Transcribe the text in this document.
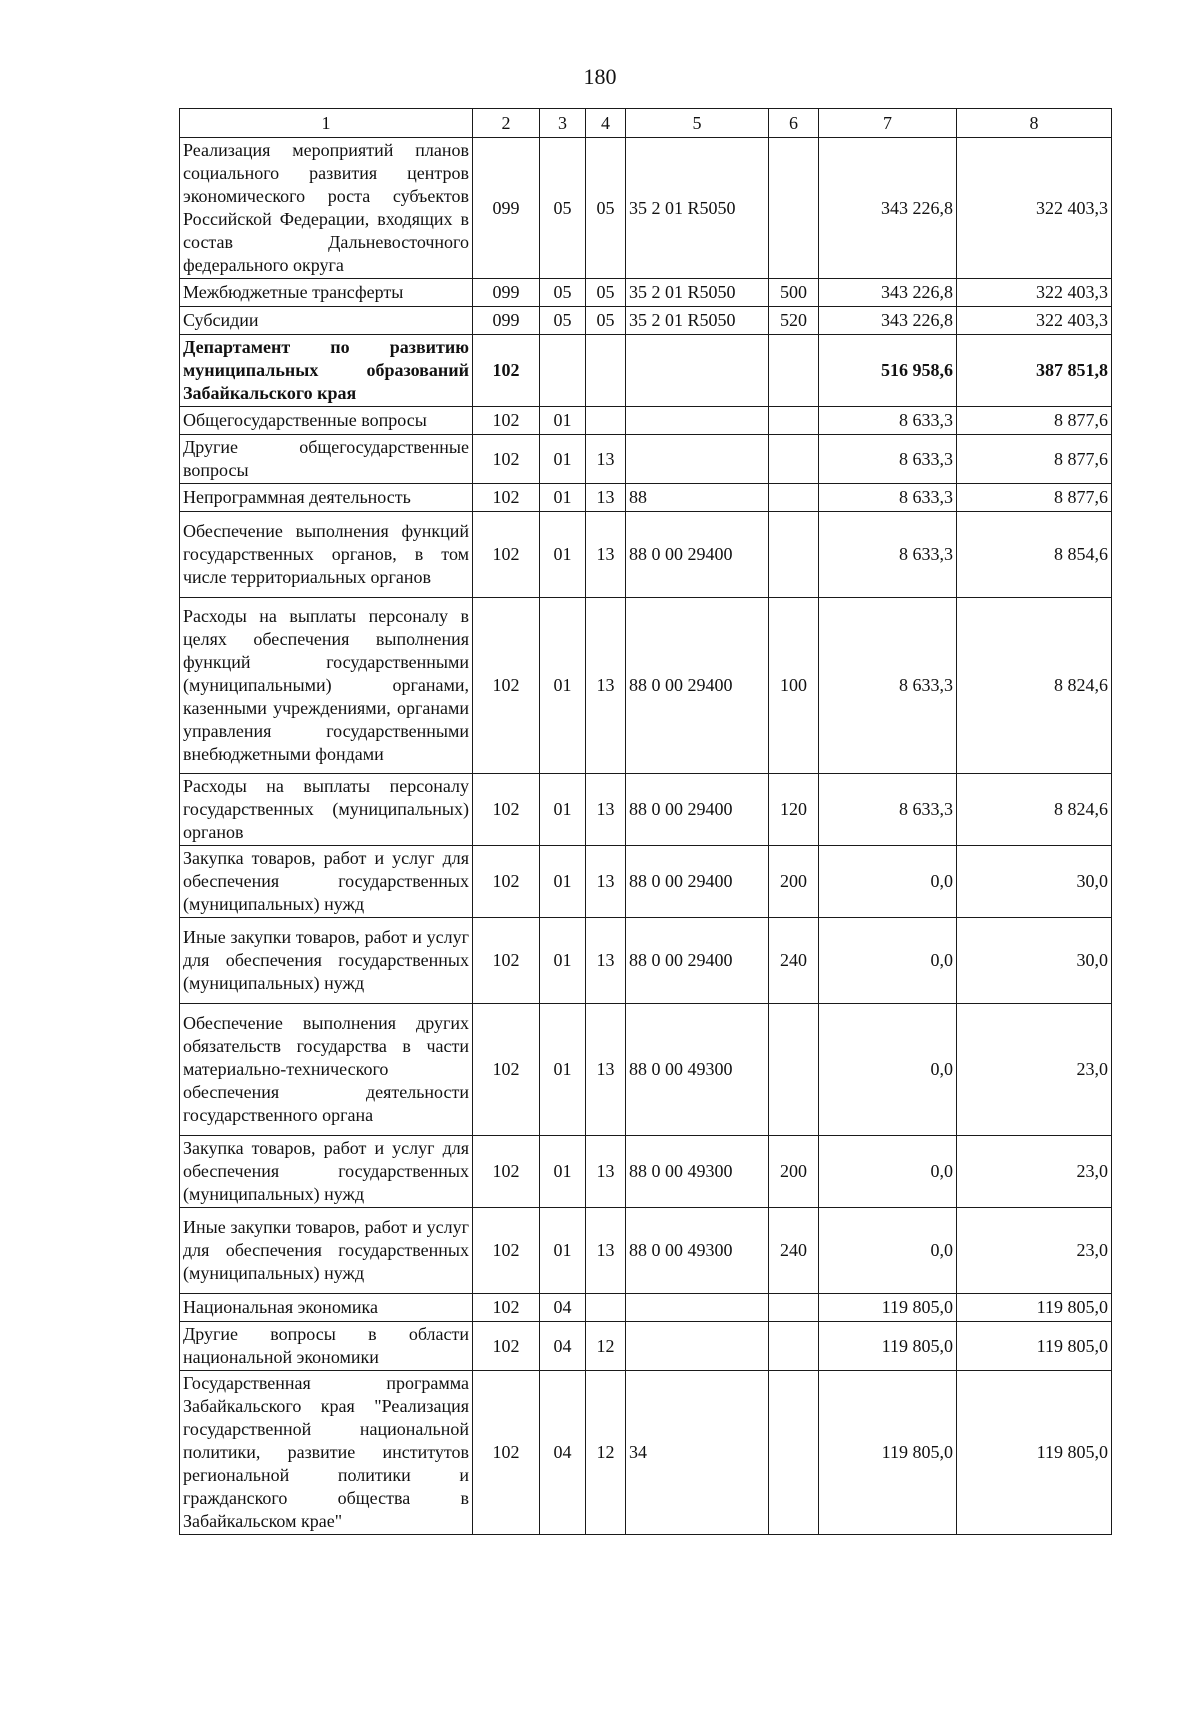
180
1	2	3	4	5	6	7	8
Реализация мероприятий планов социального развития центров экономического роста субъектов Российской Федерации, входящих в состав Дальневосточного федерального округа	099	05	05	35 2 01 R5050		343 226,8	322 403,3
Межбюджетные трансферты	099	05	05	35 2 01 R5050	500	343 226,8	322 403,3
Субсидии	099	05	05	35 2 01 R5050	520	343 226,8	322 403,3
Департамент по развитию муниципальных образований Забайкальского края	102					516 958,6	387 851,8
Общегосударственные вопросы	102	01				8 633,3	8 877,6
Другие общегосударственные вопросы	102	01	13			8 633,3	8 877,6
Непрограммная деятельность	102	01	13	88		8 633,3	8 877,6
Обеспечение выполнения функций государственных органов, в том числе территориальных органов	102	01	13	88 0 00 29400		8 633,3	8 854,6
Расходы на выплаты персоналу в целях обеспечения выполнения функций государственными (муниципальными) органами, казенными учреждениями, органами управления государственными внебюджетными фондами	102	01	13	88 0 00 29400	100	8 633,3	8 824,6
Расходы на выплаты персоналу государственных (муниципальных) органов	102	01	13	88 0 00 29400	120	8 633,3	8 824,6
Закупка товаров, работ и услуг для обеспечения государственных (муниципальных) нужд	102	01	13	88 0 00 29400	200	0,0	30,0
Иные закупки товаров, работ и услуг для обеспечения государственных (муниципальных) нужд	102	01	13	88 0 00 29400	240	0,0	30,0
Обеспечение выполнения других обязательств государства в части материально-технического обеспечения деятельности государственного органа	102	01	13	88 0 00 49300		0,0	23,0
Закупка товаров, работ и услуг для обеспечения государственных (муниципальных) нужд	102	01	13	88 0 00 49300	200	0,0	23,0
Иные закупки товаров, работ и услуг для обеспечения государственных (муниципальных) нужд	102	01	13	88 0 00 49300	240	0,0	23,0
Национальная экономика	102	04				119 805,0	119 805,0
Другие вопросы в области национальной экономики	102	04	12			119 805,0	119 805,0
Государственная программа Забайкальского края "Реализация государственной национальной политики, развитие институтов региональной политики и гражданского общества в Забайкальском крае"	102	04	12	34		119 805,0	119 805,0
